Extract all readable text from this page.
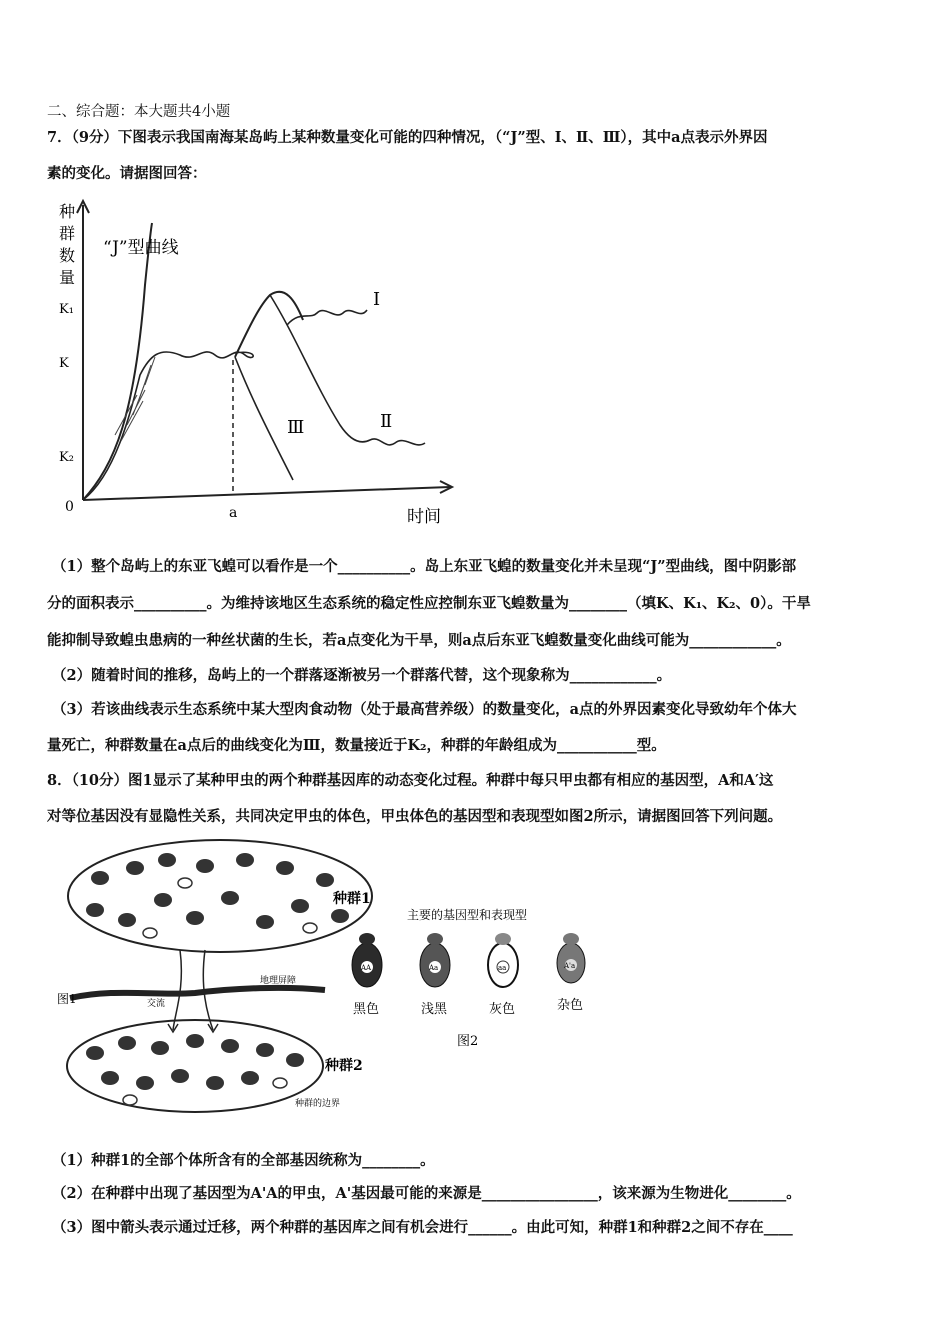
二、综合题：本大题共4小题
7．（9分）下图表示我国南海某岛屿上某种数量变化可能的四种情况，（“J”型、Ⅰ、Ⅱ、Ⅲ），其中a点表示外界因
素的变化。请据图回答：
种
群
数
量
“J”型曲线
K₁
K
K₂
0	a	时间
Ⅰ
Ⅱ
Ⅲ
（1）整个岛屿上的东亚飞蝗可以看作是一个__________。岛上东亚飞蝗的数量变化并未呈现“J”型曲线，图中阴影部
分的面积表示__________。为维持该地区生态系统的稳定性应控制东亚飞蝗数量为________（填K、K₁、K₂、0）。干旱
能抑制导致蝗虫患病的一种丝状菌的生长，若a点变化为干旱，则a点后东亚飞蝗数量变化曲线可能为____________。
（2）随着时间的推移，岛屿上的一个群落逐渐被另一个群落代替，这个现象称为____________。
（3）若该曲线表示生态系统中某大型肉食动物（处于最高营养级）的数量变化，a点的外界因素变化导致幼年个体大
量死亡，种群数量在a点后的曲线变化为Ⅲ，数量接近于K₂，种群的年龄组成为___________型。
8．（10分）图1显示了某种甲虫的两个种群基因库的动态变化过程。种群中每只甲虫都有相应的基因型，A和A′这
对等位基因没有显隐性关系，共同决定甲虫的体色，甲虫体色的基因型和表现型如图2所示，请据图回答下列问题。
图1
种群1
种群2
地理屏障
交流
种群的边界
主要的基因型和表现型
AA
黑色
Aa
浅黑
aa
灰色
A'a
杂色
图2
（1）种群1的全部个体所含有的全部基因统称为________。
（2）在种群中出现了基因型为A'A的甲虫，A'基因最可能的来源是________________，该来源为生物进化________。
（3）图中箭头表示通过迁移，两个种群的基因库之间有机会进行______。由此可知，种群1和种群2之间不存在____
